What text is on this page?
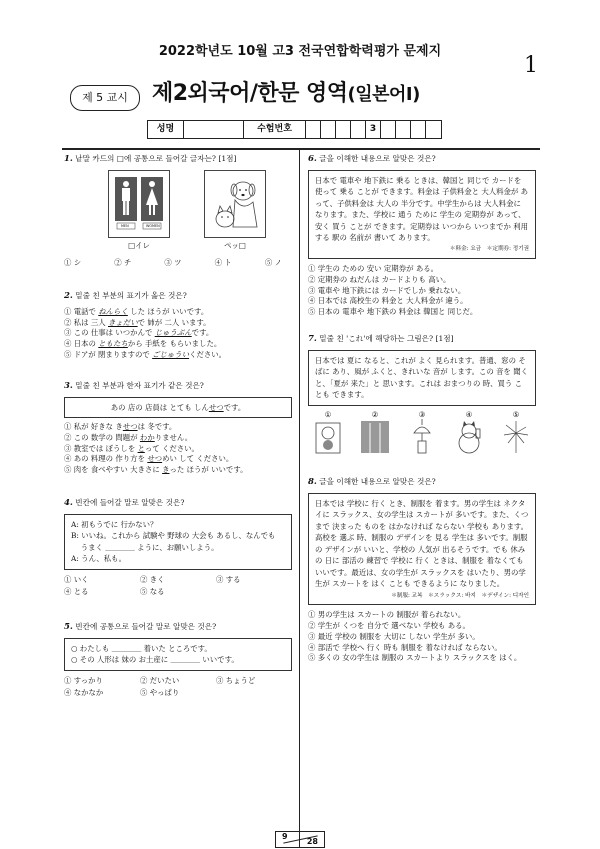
2022학년도 10월 고3 전국연합학력평가 문제지
1
제 5 교시	제2외국어/한문 영역(일본어Ⅰ)
성명	수험번호	3
1. 낱말 카드의 □에 공통으로 들어갈 글자는? [1점]
MEN	WOMEN
□イレ	ペッ□
① シ	② チ	③ ツ	④ ト	⑤ ノ
2. 밑줄 친 부분의 표기가 옳은 것은?
① 電話で ねんらく した ほうが いいです。
② 私は 三人 きょだいで 姉が 二人 います。
③ この 仕事は いつかんで じゅうぶんです。
④ 日本の ともたちから 手紙を もらいました。
⑤ ドアが 閉まりますので ごじゅういください。
3. 밑줄 친 부분과 한자 표기가 같은 것은?
あの 店の 店員は とても しんせつです。
① 私が 好きな きせつは 冬です。
② この 数学の 問題が わかりません。
③ 教室では ぼうしを とって ください。
④ あの 料理の 作り方を せつめい して ください。
⑤ 肉を 食べやすい 大きさに きった ほうが いいです。
4. 빈칸에 들어갈 말로 알맞은 것은?
A: 初もうでに 行かない？
B: いいね。これから 試験や 野球の 大会も あるし、なんでも
　 うまく ＿＿＿＿ ように、お願いしよう。
A: うん、私も。
① いく	② きく	③ する
④ とる	⑤ なる
5. 빈칸에 공통으로 들어갈 말로 알맞은 것은?
○ わたしも ＿＿＿＿ 着いた ところです。
○ その 人形は 妹の お土産に ＿＿＿＿ いいです。
① すっかり	② だいたい	③ ちょうど
④ なかなか	⑤ やっぱり
6. 글을 이해한 내용으로 알맞은 것은?
日本で 電車や 地下鉄に 乗る ときは、韓国と 同じで カードを 使って 乗る ことが できます。料金は 子供料金と 大人料金が あって、子供料金は 大人の 半分です。中学生からは 大人料金に なります。また、学校に 通う ために 学生の 定期券が あって、安く 買う ことが できます。定期券は いつから いつまでか 利用する 駅の 名前が 書いて あります。
＊料金: 요금　＊定期券: 정기권
① 学生の ための 安い 定期券が ある。
② 定期券の ねだんは カードよりも 高い。
③ 電車や 地下鉄には カードでしか 乗れない。
④ 日本では 高校生の 料金と 大人料金が 違う。
⑤ 日本の 電車や 地下鉄の 料金は 韓国と 同じだ。
7. 밑줄 친 'これ'에 해당하는 그림은? [1점]
日本では 夏に なると、これが よく 見られます。普通、窓の そばに あり、風が ふくと、きれいな 音が します。この 音を 聞くと、「夏が 来た」と 思います。これは おまつりの 時、買う ことも できます。
①	②	③	④	⑤
8. 글을 이해한 내용으로 알맞은 것은?
日本では 学校に 行く とき、制服を 着ます。男の学生は ネクタイに スラックス、女の学生は スカートが 多いです。また、くつまで 決まった ものを はかなければ ならない 学校も あります。高校を 選ぶ 時、制服の デザインを 見る 学生は 多いです。制服の デザインが いいと、学校の 人気が 出るそうです。でも 休みの 日に 部活の 練習で 学校に 行く ときは、制服を 着なくても いいです。最近は、女の学生が スラックスを はいたり、男の学生が スカートを はく ことも できるように なりました。
＊制服: 교복　＊スラックス: 바지　＊デザイン: 디자인
① 男の学生は スカートの 制服が 着られない。
② 学生が くつを 自分で 選べない 学校も ある。
③ 最近 学校の 制服を 大切に しない 学生が 多い。
④ 部活で 学校へ 行く 時も 制服を 着なければ ならない。
⑤ 多くの 女の学生は 制服の スカートより スラックスを はく。
9
28
